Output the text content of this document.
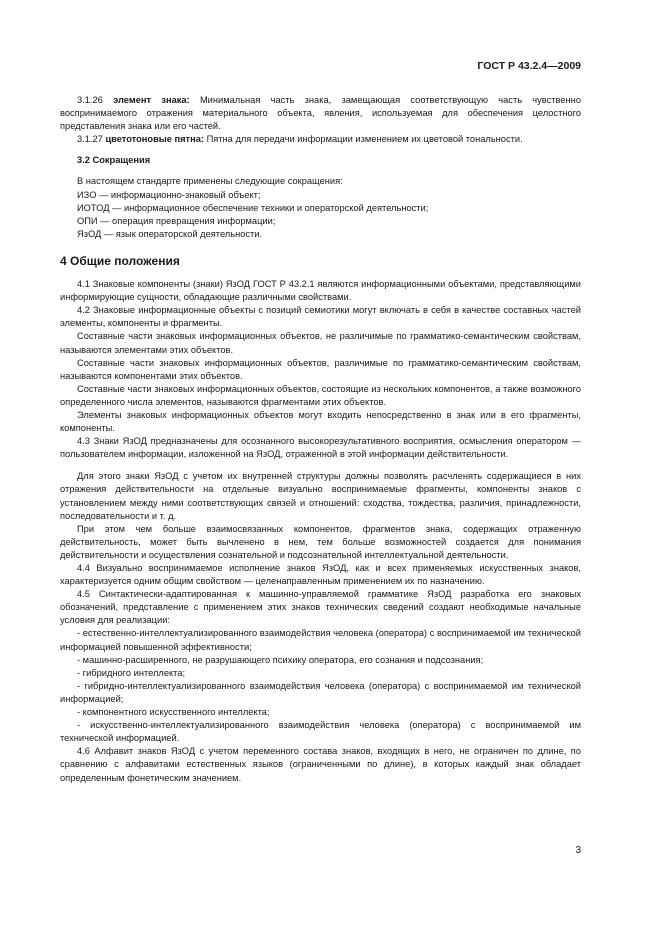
ГОСТ Р 43.2.4—2009

3.1.26 элемент знака: Минимальная часть знака, замещающая соответствующую часть чувственно воспринимаемого отражения материального объекта, явления, используемая для обеспечения целостного представления знака или его частей.

3.1.27 цветотоновые пятна: Пятна для передачи информации изменением их цветовой тональности.

3.2 Сокращения

В настоящем стандарте применены следующие сокращения:

ИЗО — информационно-знаковый объект;

ИОТОД — информационное обеспечение техники и операторской деятельности;

ОПИ — операция превращения информации;

ЯзОД — язык операторской деятельности.

4 Общие положения

4.1 Знаковые компоненты (знаки) ЯзОД ГОСТ Р 43.2.1 являются информационными объектами, представляющими информирующие сущности, обладающие различными свойствами.

4.2 Знаковые информационные объекты с позиций семиотики могут включать в себя в качестве составных частей элементы, компоненты и фрагменты.

Составные части знаковых информационных объектов, не различимые по грамматико-семантическим свойствам, называются элементами этих объектов.

Составные части знаковых информационных объектов, различимые по грамматико-семантическим свойствам, называются компонентами этих объектов.

Составные части знаковых информационных объектов, состоящие из нескольких компонентов, а также возможного определенного числа элементов, называются фрагментами этих объектов.

Элементы знаковых информационных объектов могут входить непосредственно в знак или в его фрагменты, компоненты.

4.3 Знаки ЯзОД предназначены для осознанного высокорезультативного восприятия, осмысления оператором — пользователем информации, изложенной на ЯзОД, отраженной в этой информации действительности.

Для этого знаки ЯзОД с учетом их внутренней структуры должны позволять расчленять содержащиеся в них отражения действительности на отдельные визуально воспринимаемые фрагменты, компоненты знаков с установлением между ними соответствующих связей и отношений: сходства, тождества, различия, принадлежности, последовательности и т. д.

При этом чем больше взаимосвязанных компонентов, фрагментов знака, содержащих отраженную действительность, может быть вычленено в нем, тем больше возможностей создается для понимания действительности и осуществления сознательной и подсознательной интеллектуальной деятельности.

4.4 Визуально воспринимаемое исполнение знаков ЯзОД, как и всех применяемых искусственных знаков, характеризуется одним общим свойством — целенаправленным применением их по назначению.

4.5 Синтактически-адаптированная к машинно-управляемой грамматике ЯзОД разработка его знаковых обозначений, представление с применением этих знаков технических сведений создают необходимые начальные условия для реализации:

- естественно-интеллектуализированного взаимодействия человека (оператора) с воспринимаемой им технической информацией повышенной эффективности;

- машинно-расширенного, не разрушающего психику оператора, его сознания и подсознания;

- гибридного интеллекта;

- гибридно-интеллектуализированного взаимодействия человека (оператора) с воспринимаемой им технической информацией;

- компонентного искусственного интеллекта;

- искусственно-интеллектуализированного взаимодействия человека (оператора) с воспринимаемой им технической информацией.

4.6 Алфавит знаков ЯзОД с учетом переменного состава знаков, входящих в него, не ограничен по длине, по сравнению с алфавитами естественных языков (ограниченными по длине), в которых каждый знак обладает определенным фонетическим значением.

3
